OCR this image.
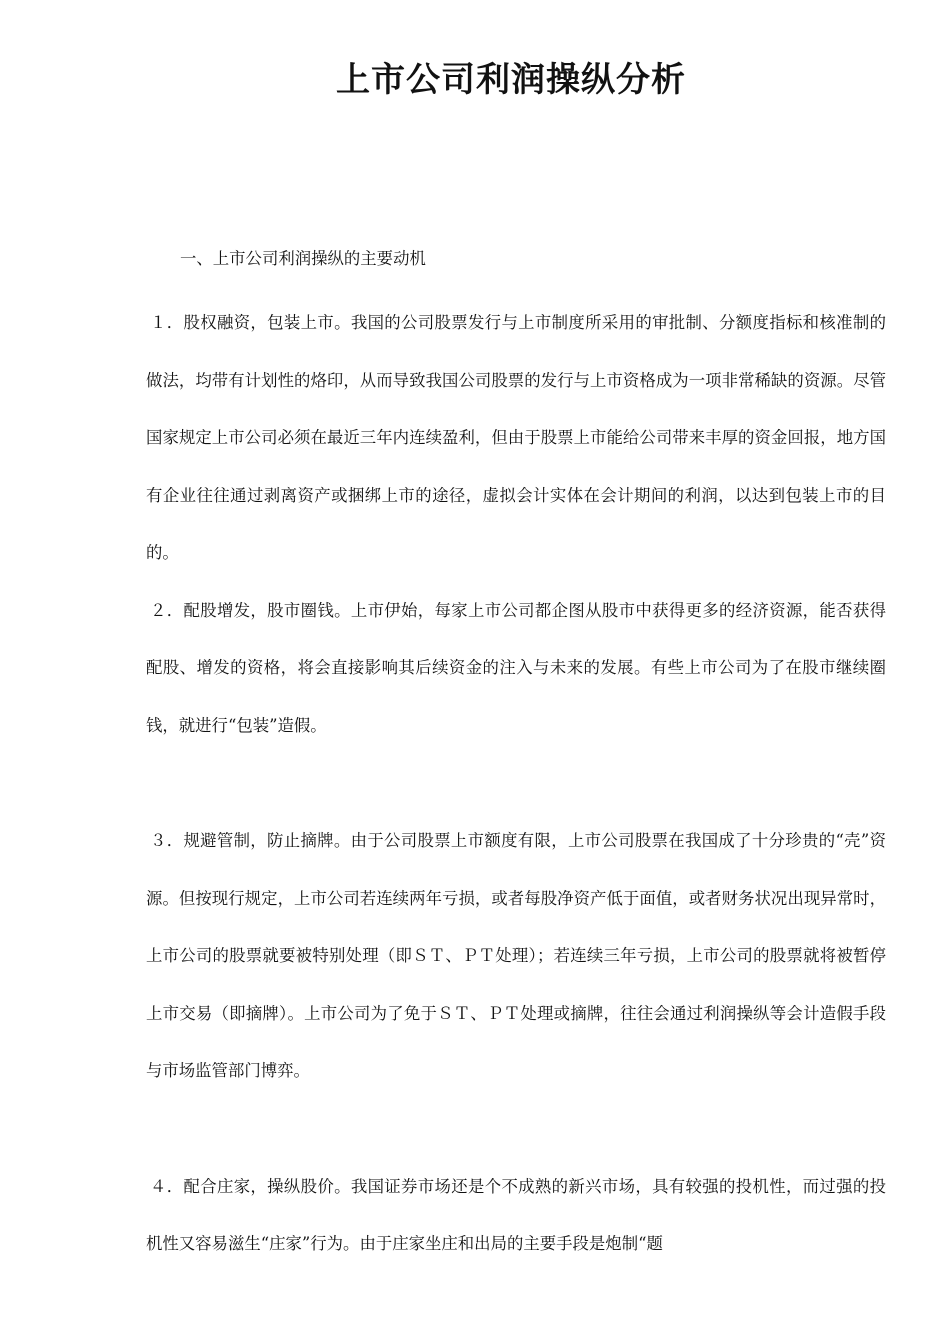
上市公司利润操纵分析
一、上市公司利润操纵的主要动机

１．股权融资，包装上市。我国的公司股票发行与上市制度所采用的审批制、分额度指标和核准制的做法，均带有计划性的烙印，从而导致我国公司股票的发行与上市资格成为一项非常稀缺的资源。尽管国家规定上市公司必须在最近三年内连续盈利，但由于股票上市能给公司带来丰厚的资金回报，地方国有企业往往通过剥离资产或捆绑上市的途径，虚拟会计实体在会计期间的利润，以达到包装上市的目的。

２．配股增发，股市圈钱。上市伊始，每家上市公司都企图从股市中获得更多的经济资源，能否获得配股、增发的资格，将会直接影响其后续资金的注入与未来的发展。有些上市公司为了在股市继续圈钱，就进行“包装”造假。

３．规避管制，防止摘牌。由于公司股票上市额度有限，上市公司股票在我国成了十分珍贵的“壳”资源。但按现行规定，上市公司若连续两年亏损，或者每股净资产低于面值，或者财务状况出现异常时，上市公司的股票就要被特别处理（即ＳＴ、ＰＴ处理）；若连续三年亏损，上市公司的股票就将被暂停上市交易（即摘牌）。上市公司为了免于ＳＴ、ＰＴ处理或摘牌，往往会通过利润操纵等会计造假手段与市场监管部门博弈。

４．配合庄家，操纵股价。我国证券市场还是个不成熟的新兴市场，具有较强的投机性，而过强的投机性又容易滋生“庄家”行为。由于庄家坐庄和出局的主要手段是炮制“题
